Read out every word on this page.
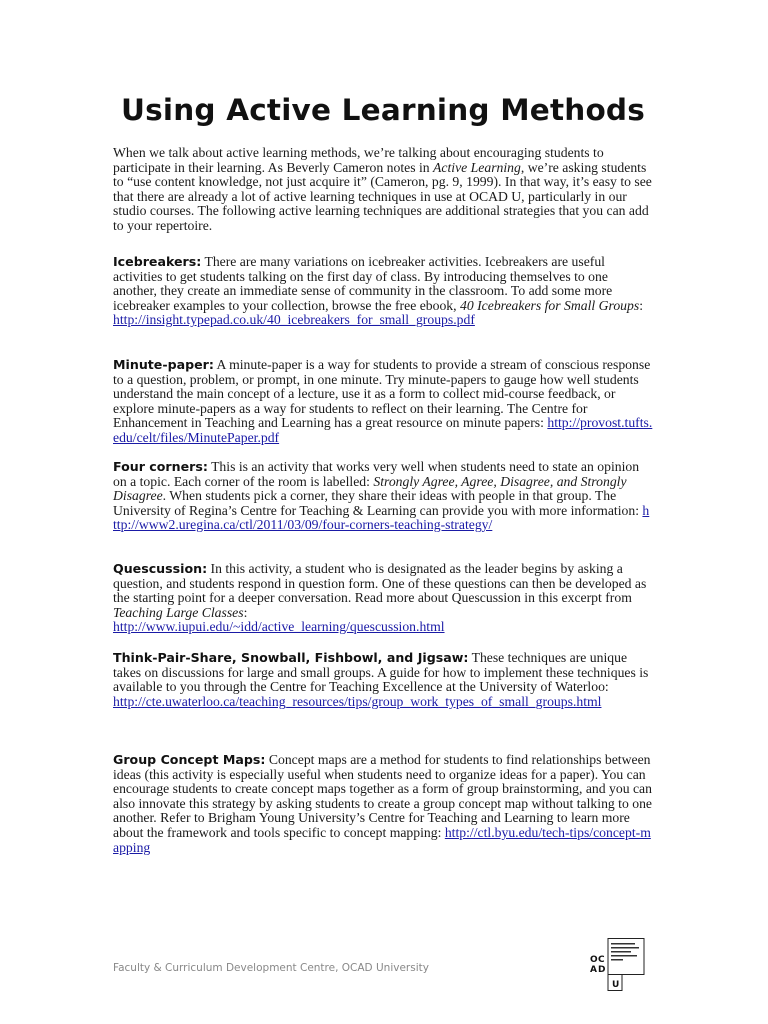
Using Active Learning Methods
When we talk about active learning methods, we’re talking about encouraging students to participate in their learning. As Beverly Cameron notes in Active Learning, we’re asking students to “use content knowledge, not just acquire it” (Cameron, pg. 9, 1999). In that way, it’s easy to see that there are already a lot of active learning techniques in use at OCAD U, particularly in our studio courses. The following active learning techniques are additional strategies that you can add to your repertoire.
Icebreakers: There are many variations on icebreaker activities. Icebreakers are useful activities to get students talking on the first day of class. By introducing themselves to one another, they create an immediate sense of community in the classroom. To add some more icebreaker examples to your collection, browse the free ebook, 40 Icebreakers for Small Groups:
http://insight.typepad.co.uk/40_icebreakers_for_small_groups.pdf
Minute-paper: A minute-paper is a way for students to provide a stream of conscious response to a question, problem, or prompt, in one minute. Try minute-papers to gauge how well students understand the main concept of a lecture, use it as a form to collect mid-course feedback, or explore minute-papers as a way for students to reflect on their learning. The Centre for Enhancement in Teaching and Learning has a great resource on minute papers: http://provost.tufts.edu/celt/files/MinutePaper.pdf
Four corners: This is an activity that works very well when students need to state an opinion on a topic. Each corner of the room is labelled: Strongly Agree, Agree, Disagree, and Strongly Disagree. When students pick a corner, they share their ideas with people in that group. The University of Regina’s Centre for Teaching & Learning can provide you with more information: http://www2.uregina.ca/ctl/2011/03/09/four-corners-teaching-strategy/
Quescussion: In this activity, a student who is designated as the leader begins by asking a question, and students respond in question form. One of these questions can then be developed as the starting point for a deeper conversation. Read more about Quescussion in this excerpt from Teaching Large Classes:
http://www.iupui.edu/~idd/active_learning/quescussion.html
Think-Pair-Share, Snowball, Fishbowl, and Jigsaw: These techniques are unique takes on discussions for large and small groups. A guide for how to implement these techniques is available to you through the Centre for Teaching Excellence at the University of Waterloo:
http://cte.uwaterloo.ca/teaching_resources/tips/group_work_types_of_small_groups.html
Group Concept Maps: Concept maps are a method for students to find relationships between ideas (this activity is especially useful when students need to organize ideas for a paper). You can encourage students to create concept maps together as a form of group brainstorming, and you can also innovate this strategy by asking students to create a group concept map without talking to one another. Refer to Brigham Young University’s Centre for Teaching and Learning to learn more about the framework and tools specific to concept mapping: http://ctl.byu.edu/tech-tips/concept-mapping
Faculty & Curriculum Development Centre, OCAD University
O C
A D
U
